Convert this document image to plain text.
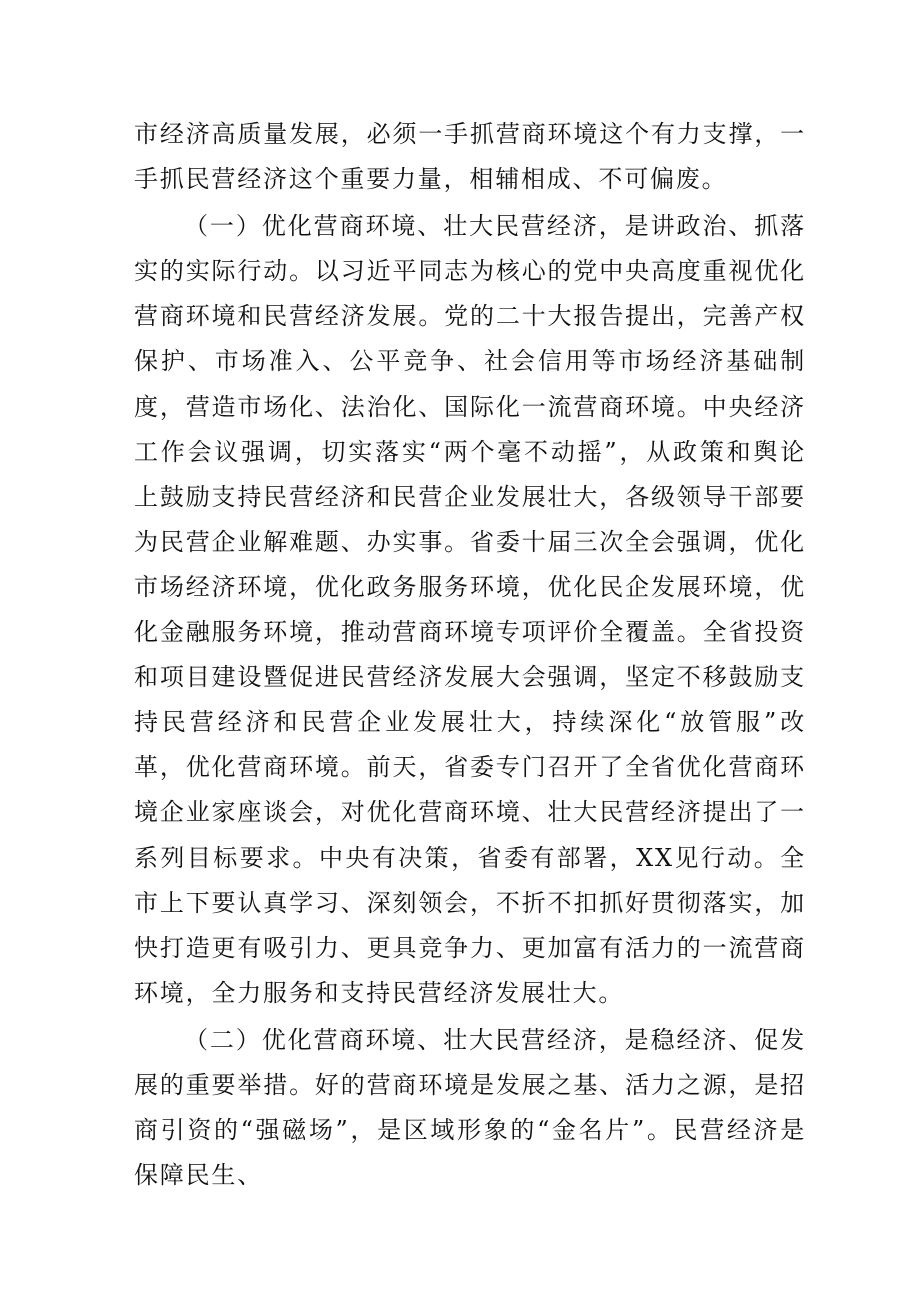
市经济高质量发展，必须一手抓营商环境这个有力支撑，一手抓民营经济这个重要力量，相辅相成、不可偏废。

（一）优化营商环境、壮大民营经济，是讲政治、抓落实的实际行动。以习近平同志为核心的党中央高度重视优化营商环境和民营经济发展。党的二十大报告提出，完善产权保护、市场准入、公平竞争、社会信用等市场经济基础制度，营造市场化、法治化、国际化一流营商环境。中央经济工作会议强调，切实落实“两个毫不动摇”，从政策和舆论上鼓励支持民营经济和民营企业发展壮大，各级领导干部要为民营企业解难题、办实事。省委十届三次全会强调，优化市场经济环境，优化政务服务环境，优化民企发展环境，优化金融服务环境，推动营商环境专项评价全覆盖。全省投资和项目建设暨促进民营经济发展大会强调，坚定不移鼓励支持民营经济和民营企业发展壮大，持续深化“放管服”改革，优化营商环境。前天，省委专门召开了全省优化营商环境企业家座谈会，对优化营商环境、壮大民营经济提出了一系列目标要求。中央有决策，省委有部署，XX见行动。全市上下要认真学习、深刻领会，不折不扣抓好贯彻落实，加快打造更有吸引力、更具竞争力、更加富有活力的一流营商环境，全力服务和支持民营经济发展壮大。

（二）优化营商环境、壮大民营经济，是稳经济、促发展的重要举措。好的营商环境是发展之基、活力之源，是招商引资的“强磁场”，是区域形象的“金名片”。民营经济是保障民生、
